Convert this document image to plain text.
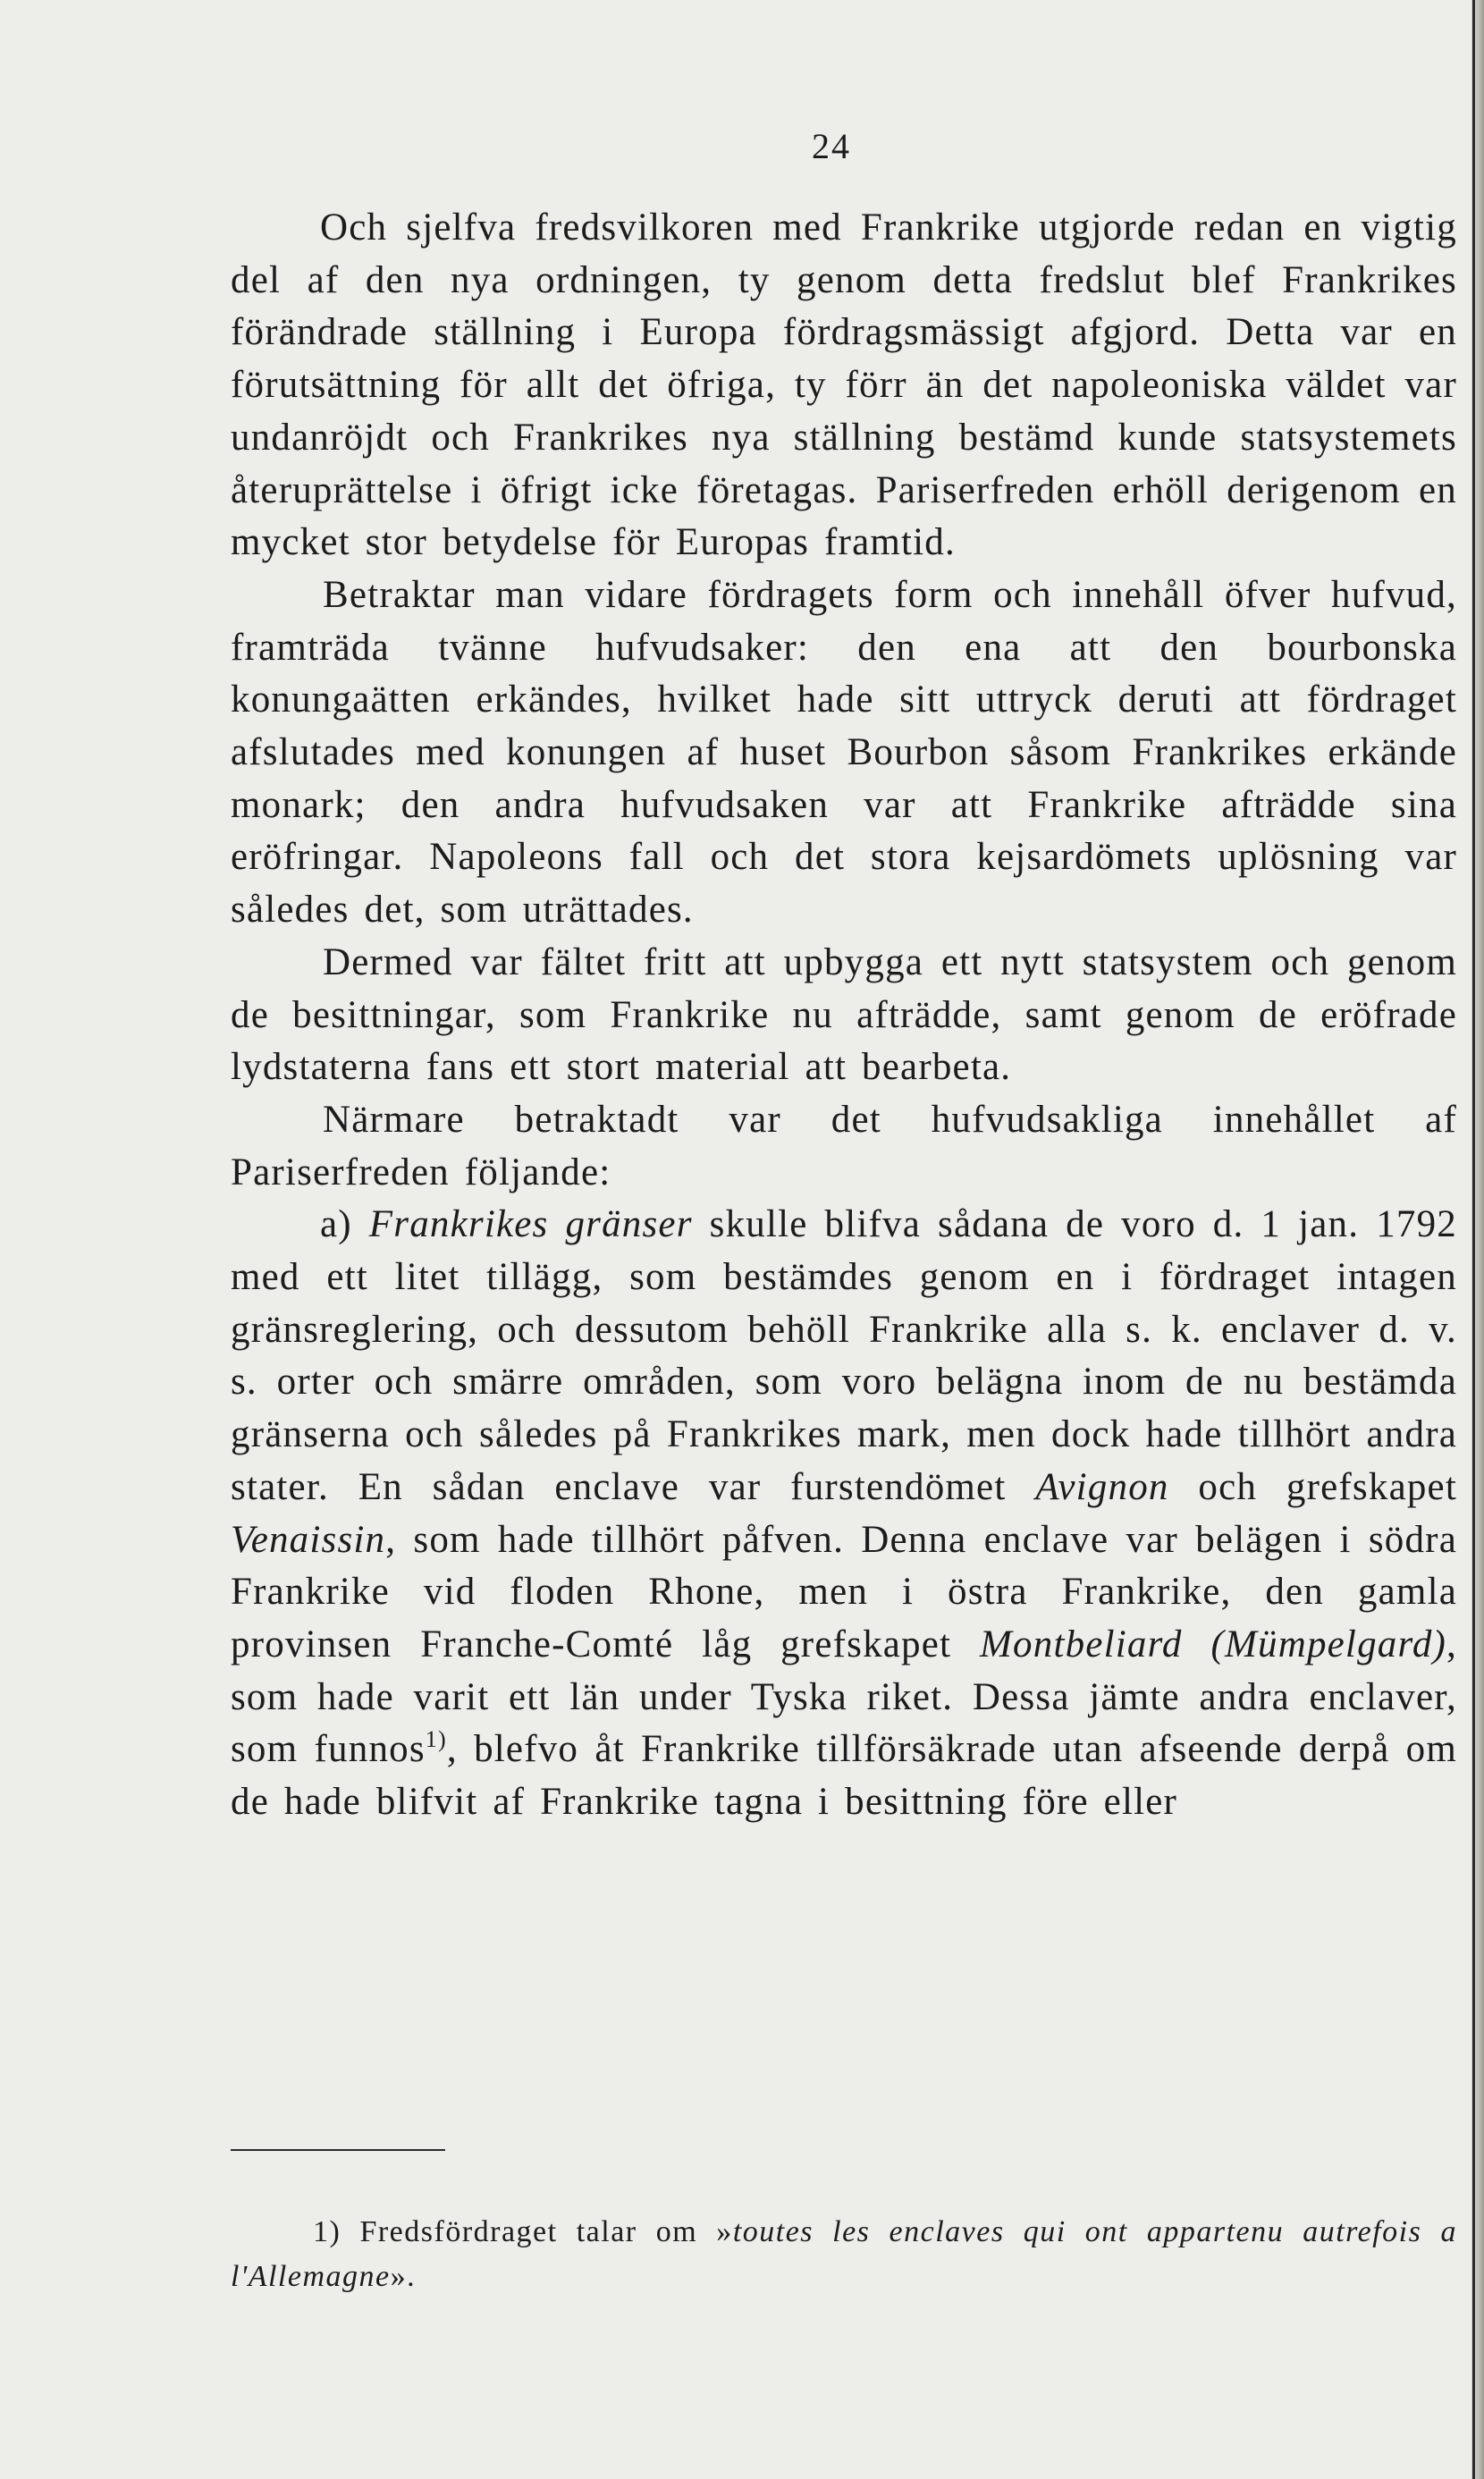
24

Och sjelfva fredsvilkoren med Frankrike utgjorde redan en vigtig del af den nya ordningen, ty genom detta fredslut blef Frankrikes förändrade ställning i Europa fördragsmässigt afgjord. Detta var en förutsättning för allt det öfriga, ty förr än det napoleoniska väldet var undanröjdt och Frankrikes nya ställning bestämd kunde statsystemets återuprättelse i öfrigt icke företagas. Pariserfreden erhöll derigenom en mycket stor betydelse för Europas framtid.

Betraktar man vidare fördragets form och innehåll öfver hufvud, framträda tvänne hufvudsaker: den ena att den bourbonska konungaätten erkändes, hvilket hade sitt uttryck deruti att fördraget afslutades med konungen af huset Bourbon såsom Frankrikes erkände monark; den andra hufvudsaken var att Frankrike afträdde sina eröfringar. Napoleons fall och det stora kejsardömets uplösning var således det, som uträttades.

Dermed var fältet fritt att upbygga ett nytt statsystem och genom de besittningar, som Frankrike nu afträdde, samt genom de eröfrade lydstaterna fans ett stort material att bearbeta.

Närmare betraktadt var det hufvudsakliga innehållet af Pariserfreden följande:

a) Frankrikes gränser skulle blifva sådana de voro d. 1 jan. 1792 med ett litet tillägg, som bestämdes genom en i fördraget intagen gränsreglering, och dessutom behöll Frankrike alla s. k. enclaver d. v. s. orter och smärre områden, som voro belägna inom de nu bestämda gränserna och således på Frankrikes mark, men dock hade tillhört andra stater. En sådan enclave var furstendömet Avignon och grefskapet Venaissin, som hade tillhört påfven. Denna enclave var belägen i södra Frankrike vid floden Rhone, men i östra Frankrike, den gamla provinsen Franche-Comté låg grefskapet Montbeliard (Mümpelgard), som hade varit ett län under Tyska riket. Dessa jämte andra enclaver, som funnos$^{1)}$, blefvo åt Frankrike tillförsäkrade utan afseende derpå om de hade blifvit af Frankrike tagna i besittning före eller

1) Fredsfördraget talar om »toutes les enclaves qui ont appartenu autrefois a l'Allemagne».
